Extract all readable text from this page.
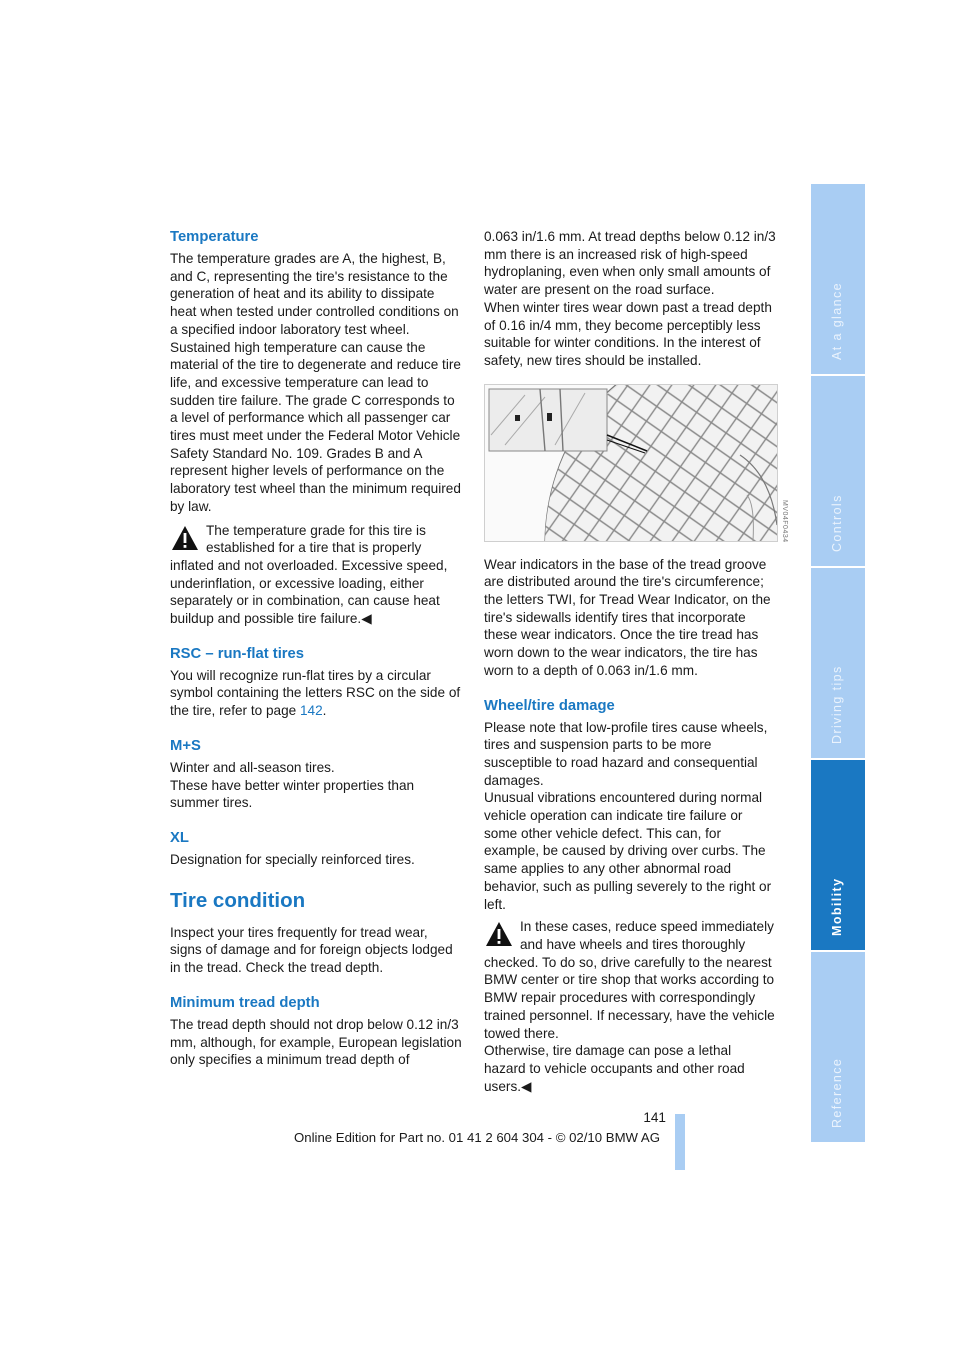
Temperature

The temperature grades are A, the highest, B, and C, representing the tire's resistance to the generation of heat and its ability to dissipate heat when tested under controlled conditions on a specified indoor laboratory test wheel. Sustained high temperature can cause the material of the tire to degenerate and reduce tire life, and excessive temperature can lead to sudden tire failure. The grade C corresponds to a level of performance which all passenger car tires must meet under the Federal Motor Vehicle Safety Standard No. 109. Grades B and A represent higher levels of performance on the laboratory test wheel than the minimum required by law.

The temperature grade for this tire is established for a tire that is properly inflated and not overloaded. Excessive speed, underinflation, or excessive loading, either separately or in combination, can cause heat buildup and possible tire failure.◀

RSC – run-flat tires

You will recognize run-flat tires by a circular symbol containing the letters RSC on the side of the tire, refer to page 142.

M+S

Winter and all-season tires.

These have better winter properties than summer tires.

XL

Designation for specially reinforced tires.

Tire condition

Inspect your tires frequently for tread wear, signs of damage and for foreign objects lodged in the tread. Check the tread depth.

Minimum tread depth

The tread depth should not drop below 0.12 in/3 mm, although, for example, European legislation only specifies a minimum tread depth of

0.063 in/1.6 mm. At tread depths below 0.12 in/3 mm there is an increased risk of high-speed hydroplaning, even when only small amounts of water are present on the road surface.

When winter tires wear down past a tread depth of 0.16 in/4 mm, they become perceptibly less suitable for winter conditions. In the interest of safety, new tires should be installed.

Wear indicators in the base of the tread groove are distributed around the tire's circumference; the letters TWI, for Tread Wear Indicator, on the tire's sidewalls identify tires that incorporate these wear indicators. Once the tire tread has worn down to the wear indicators, the tire has worn to a depth of 0.063 in/1.6 mm.

Wheel/tire damage

Please note that low-profile tires cause wheels, tires and suspension parts to be more susceptible to road hazard and consequential damages.

Unusual vibrations encountered during normal vehicle operation can indicate tire failure or some other vehicle defect. This can, for example, be caused by driving over curbs. The same applies to any other abnormal road behavior, such as pulling severely to the right or left.

In these cases, reduce speed immediately and have wheels and tires thoroughly checked. To do so, drive carefully to the nearest BMW center or tire shop that works according to BMW repair procedures with correspondingly trained personnel. If necessary, have the vehicle towed there.

Otherwise, tire damage can pose a lethal hazard to vehicle occupants and other road users.◀

MV04F0434
At a glance
Controls
Driving tips
Mobility
Reference
141
Online Edition for Part no. 01 41 2 604 304 - © 02/10 BMW AG
